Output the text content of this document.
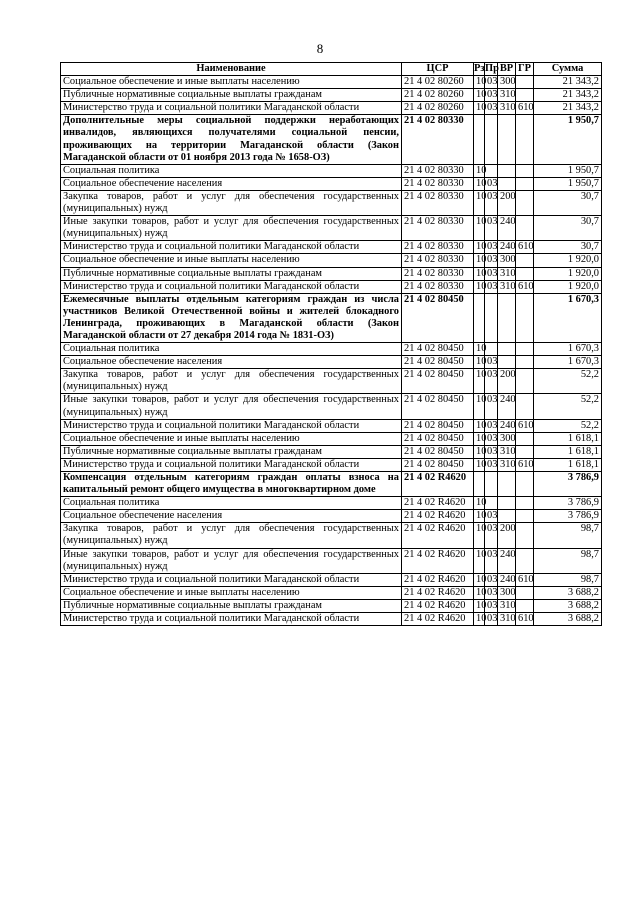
8
Наименование	ЦСР	Рз	Пр	ВР	ГР	Сумма
Социальное обеспечение и иные выплаты населению	21 4 02 80260	10	03	300		21 343,2
Публичные нормативные социальные выплаты гражданам	21 4 02 80260	10	03	310		21 343,2
Министерство труда и социальной политики Магаданской области	21 4 02 80260	10	03	310	610	21 343,2
Дополнительные меры социальной поддержки неработающих инвалидов, являющихся получателями социальной пенсии, проживающих на территории Магаданской области (Закон Магаданской области от 01 ноября 2013 года № 1658-ОЗ)	21 4 02 80330					1 950,7
Социальная политика	21 4 02 80330	10				1 950,7
Социальное обеспечение населения	21 4 02 80330	10	03			1 950,7
Закупка товаров, работ и услуг для обеспечения государственных (муниципальных) нужд	21 4 02 80330	10	03	200		30,7
Иные закупки товаров, работ и услуг для обеспечения государственных (муниципальных) нужд	21 4 02 80330	10	03	240		30,7
Министерство труда и социальной политики Магаданской области	21 4 02 80330	10	03	240	610	30,7
Социальное обеспечение и иные выплаты населению	21 4 02 80330	10	03	300		1 920,0
Публичные нормативные социальные выплаты гражданам	21 4 02 80330	10	03	310		1 920,0
Министерство труда и социальной политики Магаданской области	21 4 02 80330	10	03	310	610	1 920,0
Ежемесячные выплаты отдельным категориям граждан из числа участников Великой Отечественной войны и жителей блокадного Ленинграда, проживающих в Магаданской области (Закон Магаданской области от 27 декабря 2014 года № 1831-ОЗ)	21 4 02 80450					1 670,3
Социальная политика	21 4 02 80450	10				1 670,3
Социальное обеспечение населения	21 4 02 80450	10	03			1 670,3
Закупка товаров, работ и услуг для обеспечения государственных (муниципальных) нужд	21 4 02 80450	10	03	200		52,2
Иные закупки товаров, работ и услуг для обеспечения государственных (муниципальных) нужд	21 4 02 80450	10	03	240		52,2
Министерство труда и социальной политики Магаданской области	21 4 02 80450	10	03	240	610	52,2
Социальное обеспечение и иные выплаты населению	21 4 02 80450	10	03	300		1 618,1
Публичные нормативные социальные выплаты гражданам	21 4 02 80450	10	03	310		1 618,1
Министерство труда и социальной политики Магаданской области	21 4 02 80450	10	03	310	610	1 618,1
Компенсация отдельным категориям граждан оплаты взноса на капитальный ремонт общего имущества в многоквартирном доме	21 4 02 R4620					3 786,9
Социальная политика	21 4 02 R4620	10				3 786,9
Социальное обеспечение населения	21 4 02 R4620	10	03			3 786,9
Закупка товаров, работ и услуг для обеспечения государственных (муниципальных) нужд	21 4 02 R4620	10	03	200		98,7
Иные закупки товаров, работ и услуг для обеспечения государственных (муниципальных) нужд	21 4 02 R4620	10	03	240		98,7
Министерство труда и социальной политики Магаданской области	21 4 02 R4620	10	03	240	610	98,7
Социальное обеспечение и иные выплаты населению	21 4 02 R4620	10	03	300		3 688,2
Публичные нормативные социальные выплаты гражданам	21 4 02 R4620	10	03	310		3 688,2
Министерство труда и социальной политики Магаданской области	21 4 02 R4620	10	03	310	610	3 688,2
